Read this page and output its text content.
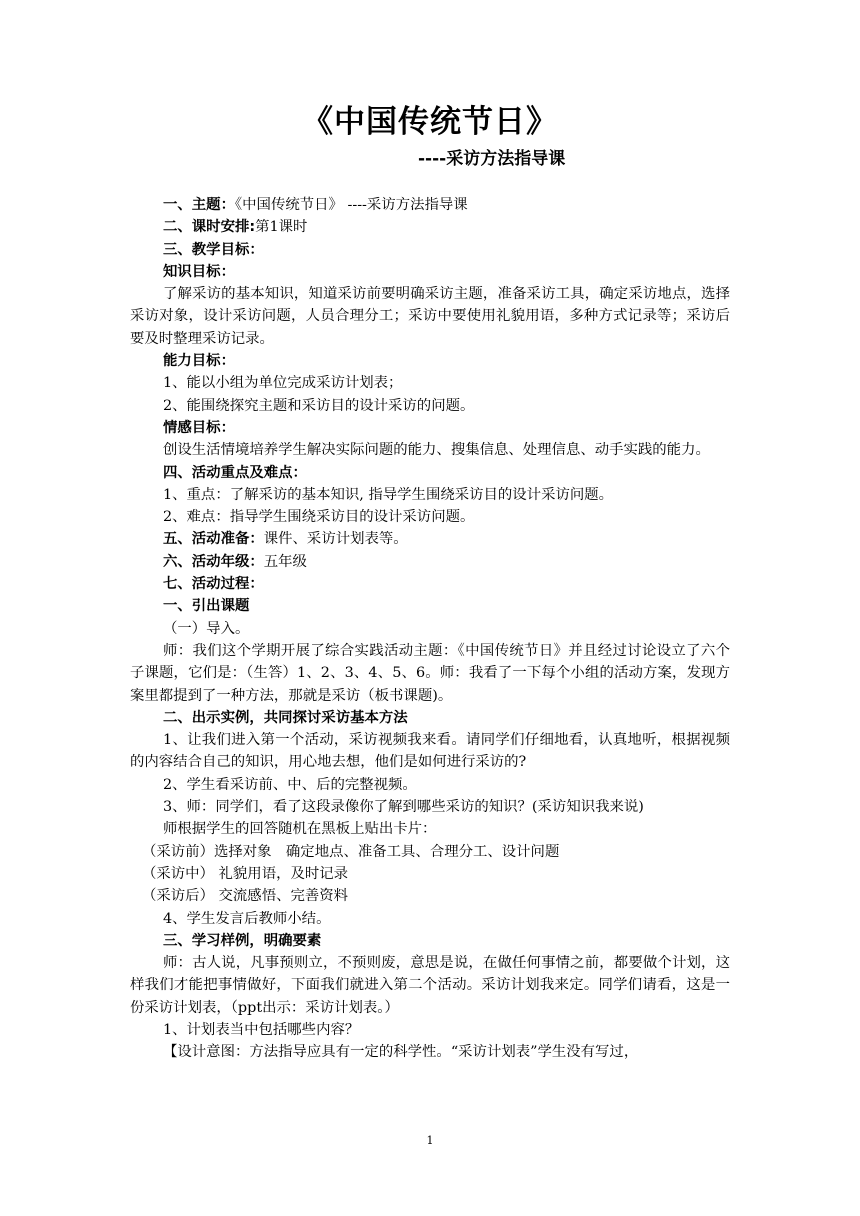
《中国传统节日》
----采访方法指导课

一、主题：《中国传统节日》 ----采访方法指导课

二、课时安排:第1课时

三、教学目标：

知识目标：

了解采访的基本知识，知道采访前要明确采访主题，准备采访工具，确定采访地点，选择采访对象，设计采访问题，人员合理分工；采访中要使用礼貌用语，多种方式记录等；采访后要及时整理采访记录。

能力目标：

1、能以小组为单位完成采访计划表；

2、能围绕探究主题和采访目的设计采访的问题。

情感目标：

创设生活情境培养学生解决实际问题的能力、搜集信息、处理信息、动手实践的能力。

四、活动重点及难点：

1、重点：了解采访的基本知识, 指导学生围绕采访目的设计采访问题。

2、难点：指导学生围绕采访目的设计采访问题。

五、活动准备：课件、采访计划表等。

六、活动年级：五年级

七、活动过程：

一、引出课题

（一）导入。

师：我们这个学期开展了综合实践活动主题：《中国传统节日》并且经过讨论设立了六个子课题，它们是：（生答）1、2、3、4、5、6。师：我看了一下每个小组的活动方案，发现方案里都提到了一种方法，那就是采访（板书课题)。

二、出示实例，共同探讨采访基本方法

1、让我们进入第一个活动，采访视频我来看。请同学们仔细地看，认真地听，根据视频的内容结合自己的知识，用心地去想，他们是如何进行采访的?

2、学生看采访前、中、后的完整视频。

3、师：同学们，看了这段录像你了解到哪些采访的知识？(采访知识我来说)

师根据学生的回答随机在黑板上贴出卡片：

（采访前）选择对象　确定地点、准备工具、合理分工、设计问题

（采访中） 礼貌用语，及时记录

（采访后） 交流感悟、完善资料

4、学生发言后教师小结。

三、学习样例，明确要素

师：古人说，凡事预则立，不预则废，意思是说，在做任何事情之前，都要做个计划，这样我们才能把事情做好，下面我们就进入第二个活动。采访计划我来定。同学们请看，这是一份采访计划表，（ppt出示：采访计划表。）

1、计划表当中包括哪些内容？

【设计意图：方法指导应具有一定的科学性。“采访计划表”学生没有写过，

1
